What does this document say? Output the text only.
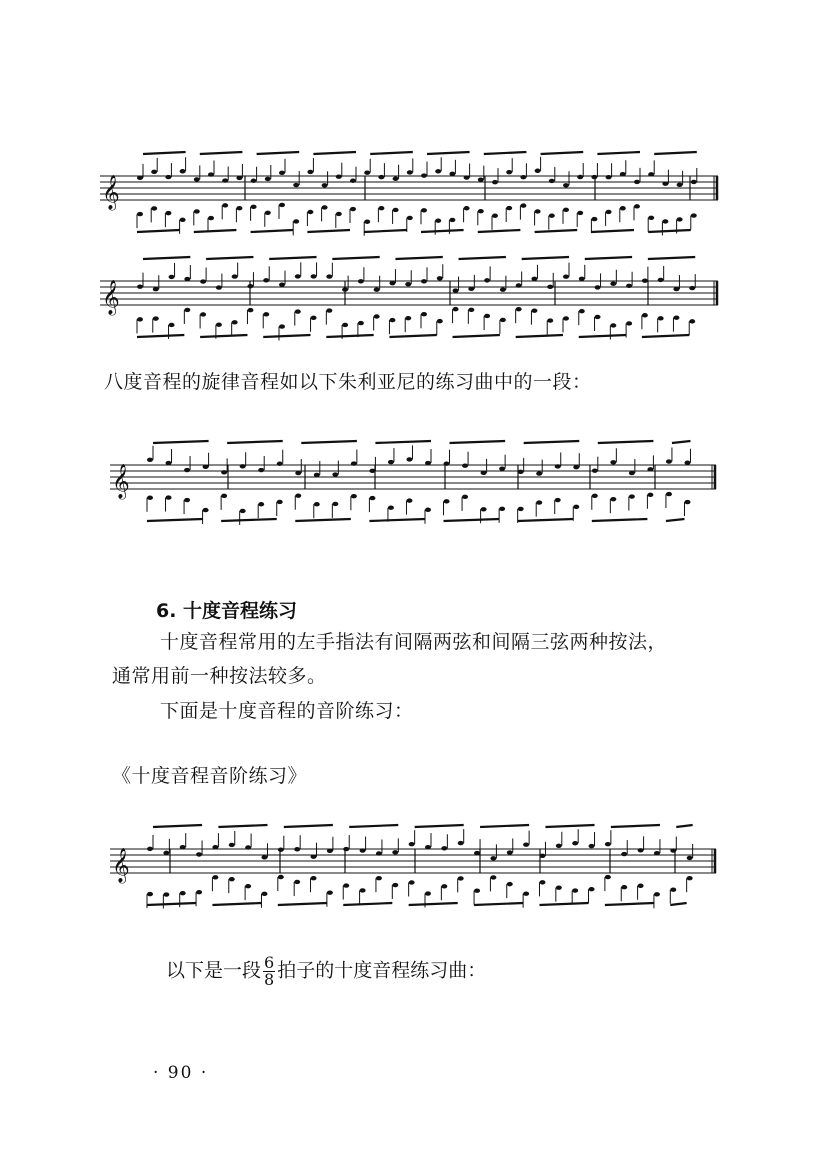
𝄞
𝄞
八度音程的旋律音程如以下朱利亚尼的练习曲中的一段：
𝄞
6. 十度音程练习
十度音程常用的左手指法有间隔两弦和间隔三弦两种按法，
通常用前一种按法较多。
下面是十度音程的音阶练习：
《十度音程音阶练习》
𝄞
以下是一段 $\frac{6}{8}$ 拍子的十度音程练习曲：
· 90 ·
